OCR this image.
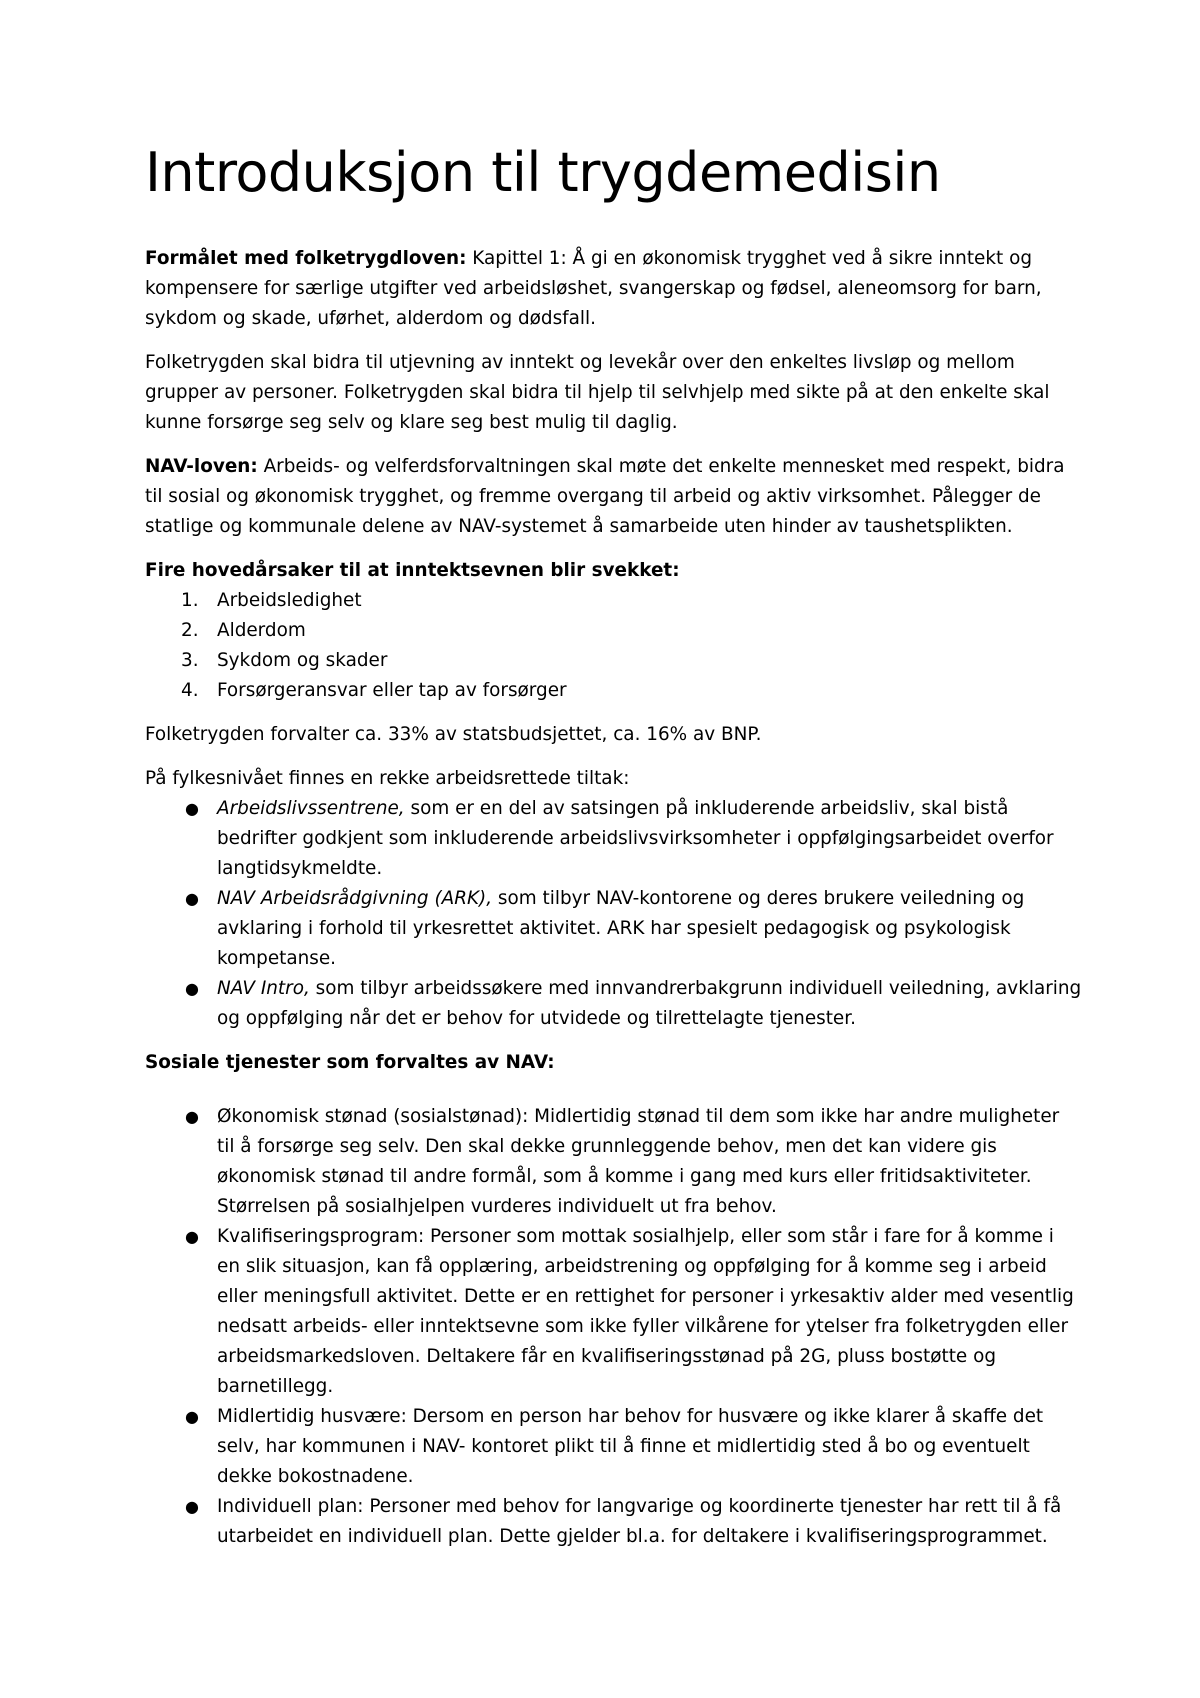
Introduksjon til trygdemedisin

Formålet med folketrygdloven: Kapittel 1: Å gi en økonomisk trygghet ved å sikre inntekt og kompensere for særlige utgifter ved arbeidsløshet, svangerskap og fødsel, aleneomsorg for barn, sykdom og skade, uførhet, alderdom og dødsfall.

Folketrygden skal bidra til utjevning av inntekt og levekår over den enkeltes livsløp og mellom grupper av personer. Folketrygden skal bidra til hjelp til selvhjelp med sikte på at den enkelte skal kunne forsørge seg selv og klare seg best mulig til daglig.

NAV-loven: Arbeids- og velferdsforvaltningen skal møte det enkelte mennesket med respekt, bidra til sosial og økonomisk trygghet, og fremme overgang til arbeid og aktiv virksomhet. Pålegger de statlige og kommunale delene av NAV-systemet å samarbeide uten hinder av taushetsplikten.

Fire hovedårsaker til at inntektsevnen blir svekket:

1. Arbeidsledighet
2. Alderdom
3. Sykdom og skader
4. Forsørgeransvar eller tap av forsørger

Folketrygden forvalter ca. 33% av statsbudsjettet, ca. 16% av BNP.

På fylkesnivået finnes en rekke arbeidsrettede tiltak:

● Arbeidslivssentrene, som er en del av satsingen på inkluderende arbeidsliv, skal bistå bedrifter godkjent som inkluderende arbeidslivsvirksomheter i oppfølgingsarbeidet overfor langtidsykmeldte.
● NAV Arbeidsrådgivning (ARK), som tilbyr NAV-kontorene og deres brukere veiledning og avklaring i forhold til yrkesrettet aktivitet. ARK har spesielt pedagogisk og psykologisk kompetanse.
● NAV Intro, som tilbyr arbeidssøkere med innvandrerbakgrunn individuell veiledning, avklaring og oppfølging når det er behov for utvidede og tilrettelagte tjenester.

Sosiale tjenester som forvaltes av NAV:

● Økonomisk stønad (sosialstønad): Midlertidig stønad til dem som ikke har andre muligheter til å forsørge seg selv. Den skal dekke grunnleggende behov, men det kan videre gis økonomisk stønad til andre formål, som å komme i gang med kurs eller fritidsaktiviteter. Størrelsen på sosialhjelpen vurderes individuelt ut fra behov.
● Kvalifiseringsprogram: Personer som mottak sosialhjelp, eller som står i fare for å komme i en slik situasjon, kan få opplæring, arbeidstrening og oppfølging for å komme seg i arbeid eller meningsfull aktivitet. Dette er en rettighet for personer i yrkesaktiv alder med vesentlig nedsatt arbeids- eller inntektsevne som ikke fyller vilkårene for ytelser fra folketrygden eller arbeidsmarkedsloven. Deltakere får en kvalifiseringsstønad på 2G, pluss bostøtte og barnetillegg.
● Midlertidig husvære: Dersom en person har behov for husvære og ikke klarer å skaffe det selv, har kommunen i NAV- kontoret plikt til å finne et midlertidig sted å bo og eventuelt dekke bokostnadene.
● Individuell plan: Personer med behov for langvarige og koordinerte tjenester har rett til å få utarbeidet en individuell plan. Dette gjelder bl.a. for deltakere i kvalifiseringsprogrammet.
